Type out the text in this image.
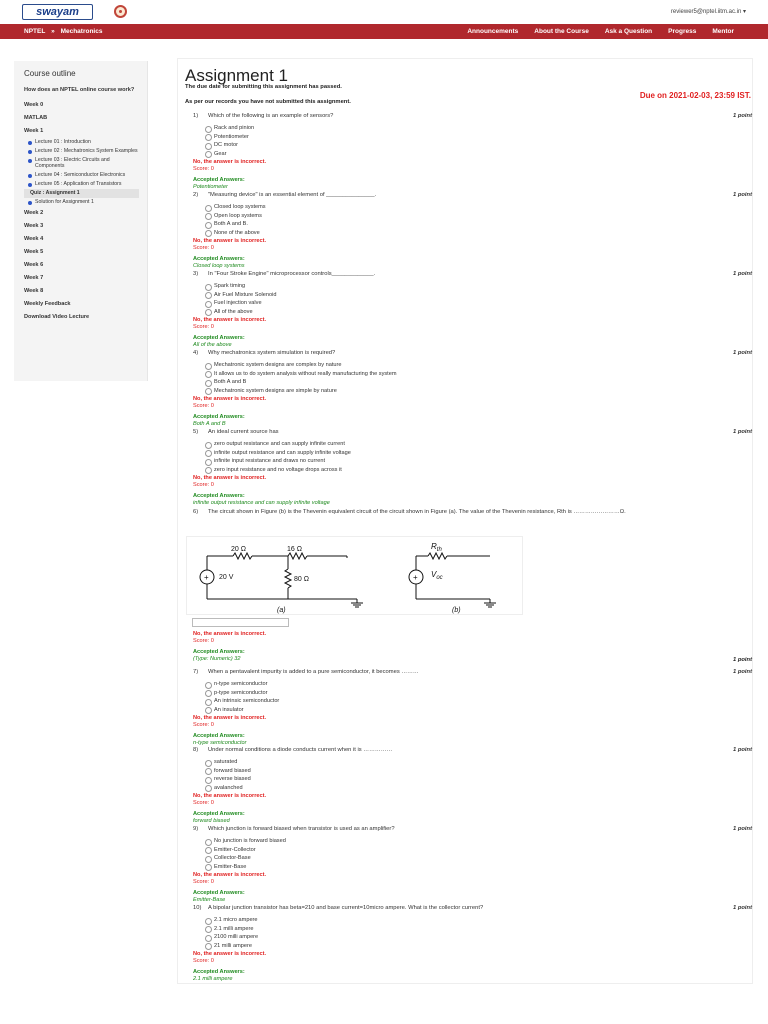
swayam	reviewer5@nptel.iitm.ac.in ▾
NPTEL » Mechatronics	Announcements About the Course Ask a Question Progress Mentor
Course outline
How does an NPTEL online course work?
Week 0
MATLAB
Week 1
Lecture 01 : Introduction
Lecture 02 : Mechatronics System Examples
Lecture 03 : Electric Circuits and Components
Lecture 04 : Semiconductor Electronics
Lecture 05 : Application of Transistors
Quiz : Assignment 1
Solution for Assignment 1
Week 2
Week 3
Week 4
Week 5
Week 6
Week 7
Week 8
Weekly Feedback
Download Video Lecture
Assignment 1
The due date for submitting this assignment has passed.
Due on 2021-02-03, 23:59 IST.
As per our records you have not submitted this assignment.
1) Which of the following is an example of sensors?	1 point
Rack and pinion
Potentiometer
DC motor
Gear
No, the answer is incorrect.
Score: 0
Accepted Answers:
Potentiometer
2) "Measuring device" is an essential element of _______________.	1 point
Closed loop systems
Open loop systems
Both A and B.
None of the above
No, the answer is incorrect.
Score: 0
Accepted Answers:
Closed loop systems
3) In "Four Stroke Engine" microprocessor controls_____________.	1 point
Spark timing
Air Fuel Mixture Solenoid
Fuel injection valve
All of the above
No, the answer is incorrect.
Score: 0
Accepted Answers:
All of the above
4) Why mechatronics system simulation is required?	1 point
Mechatronic system designs are complex by nature
It allows us to do system analysis without really manufacturing the system
Both A and B
Mechatronic system designs are simple by nature
No, the answer is incorrect.
Score: 0
Accepted Answers:
Both A and B
5) An ideal current source has	1 point
zero output resistance and can supply infinite current
infinite output resistance and can supply infinite voltage
infinite input resistance and draws no current
zero input resistance and no voltage drops across it
No, the answer is incorrect.
Score: 0
Accepted Answers:
infinite output resistance and can supply infinite voltage
6) The circuit shown in Figure (b) is the Thevenin equivalent circuit of the circuit shown in Figure (a). The value of the Thevenin resistance, Rth is ……………………Ω.
20 Ω	16 Ω
80 Ω
+ 20 V	+
$R_{th}$
$V_{oc}$
(a)	(b)
No, the answer is incorrect.
Score: 0
Accepted Answers:
(Type: Numeric) 32	1 point
7) When a pentavalent impurity is added to a pure semiconductor, it becomes ………	1 point
n-type semiconductor
p-type semiconductor
An intrinsic semiconductor
An insulator
No, the answer is incorrect.
Score: 0
Accepted Answers:
n-type semiconductor
8) Under normal conditions a diode conducts current when it is ……………	1 point
saturated
forward biased
reverse biased
avalanched
No, the answer is incorrect.
Score: 0
Accepted Answers:
forward biased
9) Which junction is forward biased when transistor is used as an amplifier?	1 point
No junction is forward biased
Emitter-Collector
Collector-Base
Emitter-Base
No, the answer is incorrect.
Score: 0
Accepted Answers:
Emitter-Base
10) A bipolar junction transistor has beta=210 and base current=10micro ampere. What is the collector current?	1 point
2.1 micro ampere
2.1 milli ampere
2100 milli ampere
21 milli ampere
No, the answer is incorrect.
Score: 0
Accepted Answers:
2.1 milli ampere
